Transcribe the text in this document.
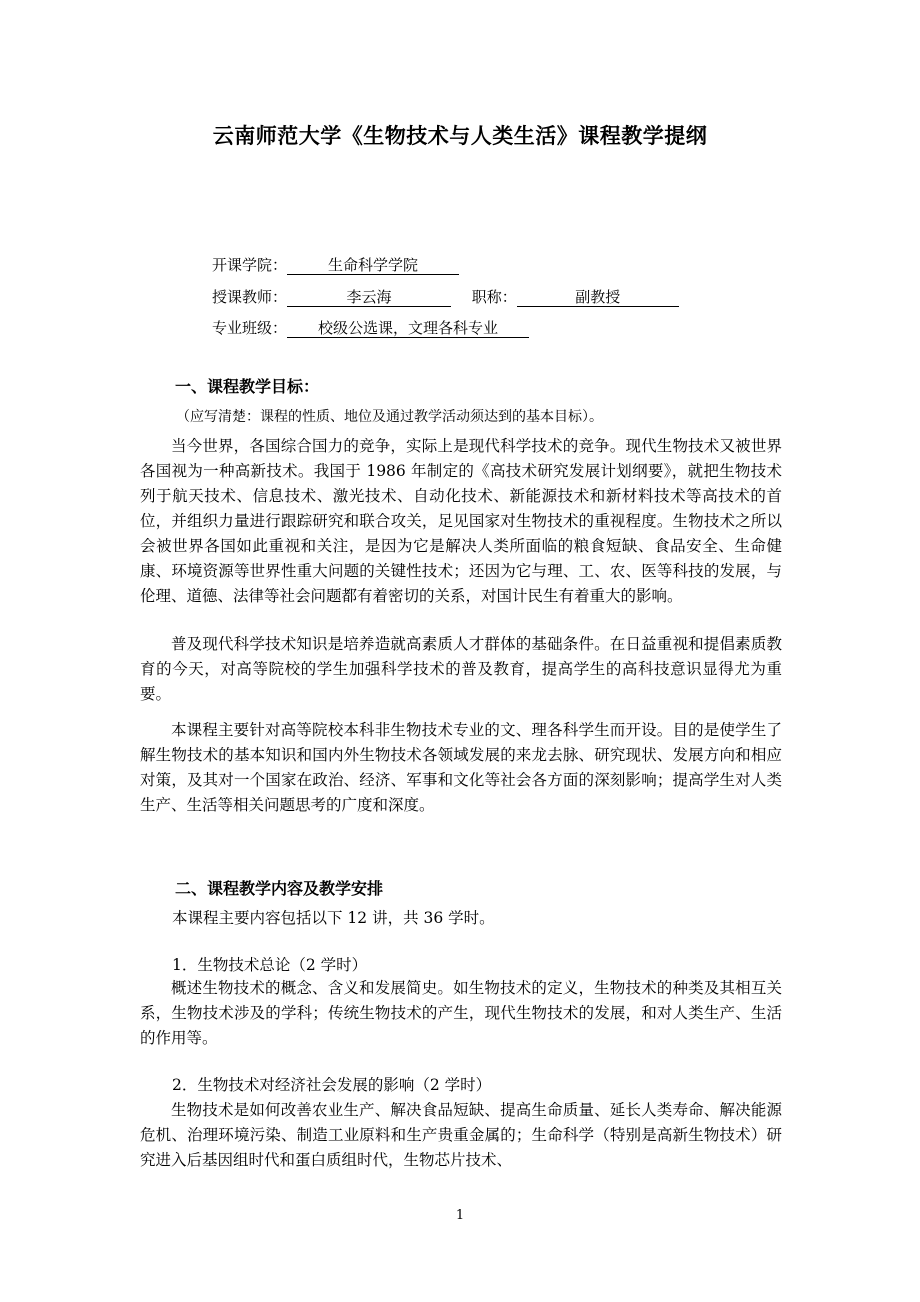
云南师范大学《生物技术与人类生活》课程教学提纲
开课学院：	生命科学学院
授课教师：	李云海	职称：	副教授
专业班级： 校级公选课，文理各科专业
一、课程教学目标：
（应写清楚：课程的性质、地位及通过教学活动须达到的基本目标）。

当今世界，各国综合国力的竞争，实际上是现代科学技术的竞争。现代生物技术又被世界各国视为一种高新技术。我国于 1986 年制定的《高技术研究发展计划纲要》，就把生物技术列于航天技术、信息技术、激光技术、自动化技术、新能源技术和新材料技术等高技术的首位，并组织力量进行跟踪研究和联合攻关，足见国家对生物技术的重视程度。生物技术之所以会被世界各国如此重视和关注，是因为它是解决人类所面临的粮食短缺、食品安全、生命健康、环境资源等世界性重大问题的关键性技术；还因为它与理、工、农、医等科技的发展，与伦理、道德、法律等社会问题都有着密切的关系，对国计民生有着重大的影响。

普及现代科学技术知识是培养造就高素质人才群体的基础条件。在日益重视和提倡素质教育的今天，对高等院校的学生加强科学技术的普及教育，提高学生的高科技意识显得尤为重要。

本课程主要针对高等院校本科非生物技术专业的文、理各科学生而开设。目的是使学生了解生物技术的基本知识和国内外生物技术各领域发展的来龙去脉、研究现状、发展方向和相应对策，及其对一个国家在政治、经济、军事和文化等社会各方面的深刻影响；提高学生对人类生产、生活等相关问题思考的广度和深度。

二、课程教学内容及教学安排
本课程主要内容包括以下 12 讲，共 36 学时。
1．生物技术总论（2 学时）

概述生物技术的概念、含义和发展简史。如生物技术的定义，生物技术的种类及其相互关系，生物技术涉及的学科；传统生物技术的产生，现代生物技术的发展，和对人类生产、生活的作用等。

2．生物技术对经济社会发展的影响（2 学时）

生物技术是如何改善农业生产、解决食品短缺、提高生命质量、延长人类寿命、解决能源危机、治理环境污染、制造工业原料和生产贵重金属的；生命科学（特别是高新生物技术）研究进入后基因组时代和蛋白质组时代，生物芯片技术、

1
